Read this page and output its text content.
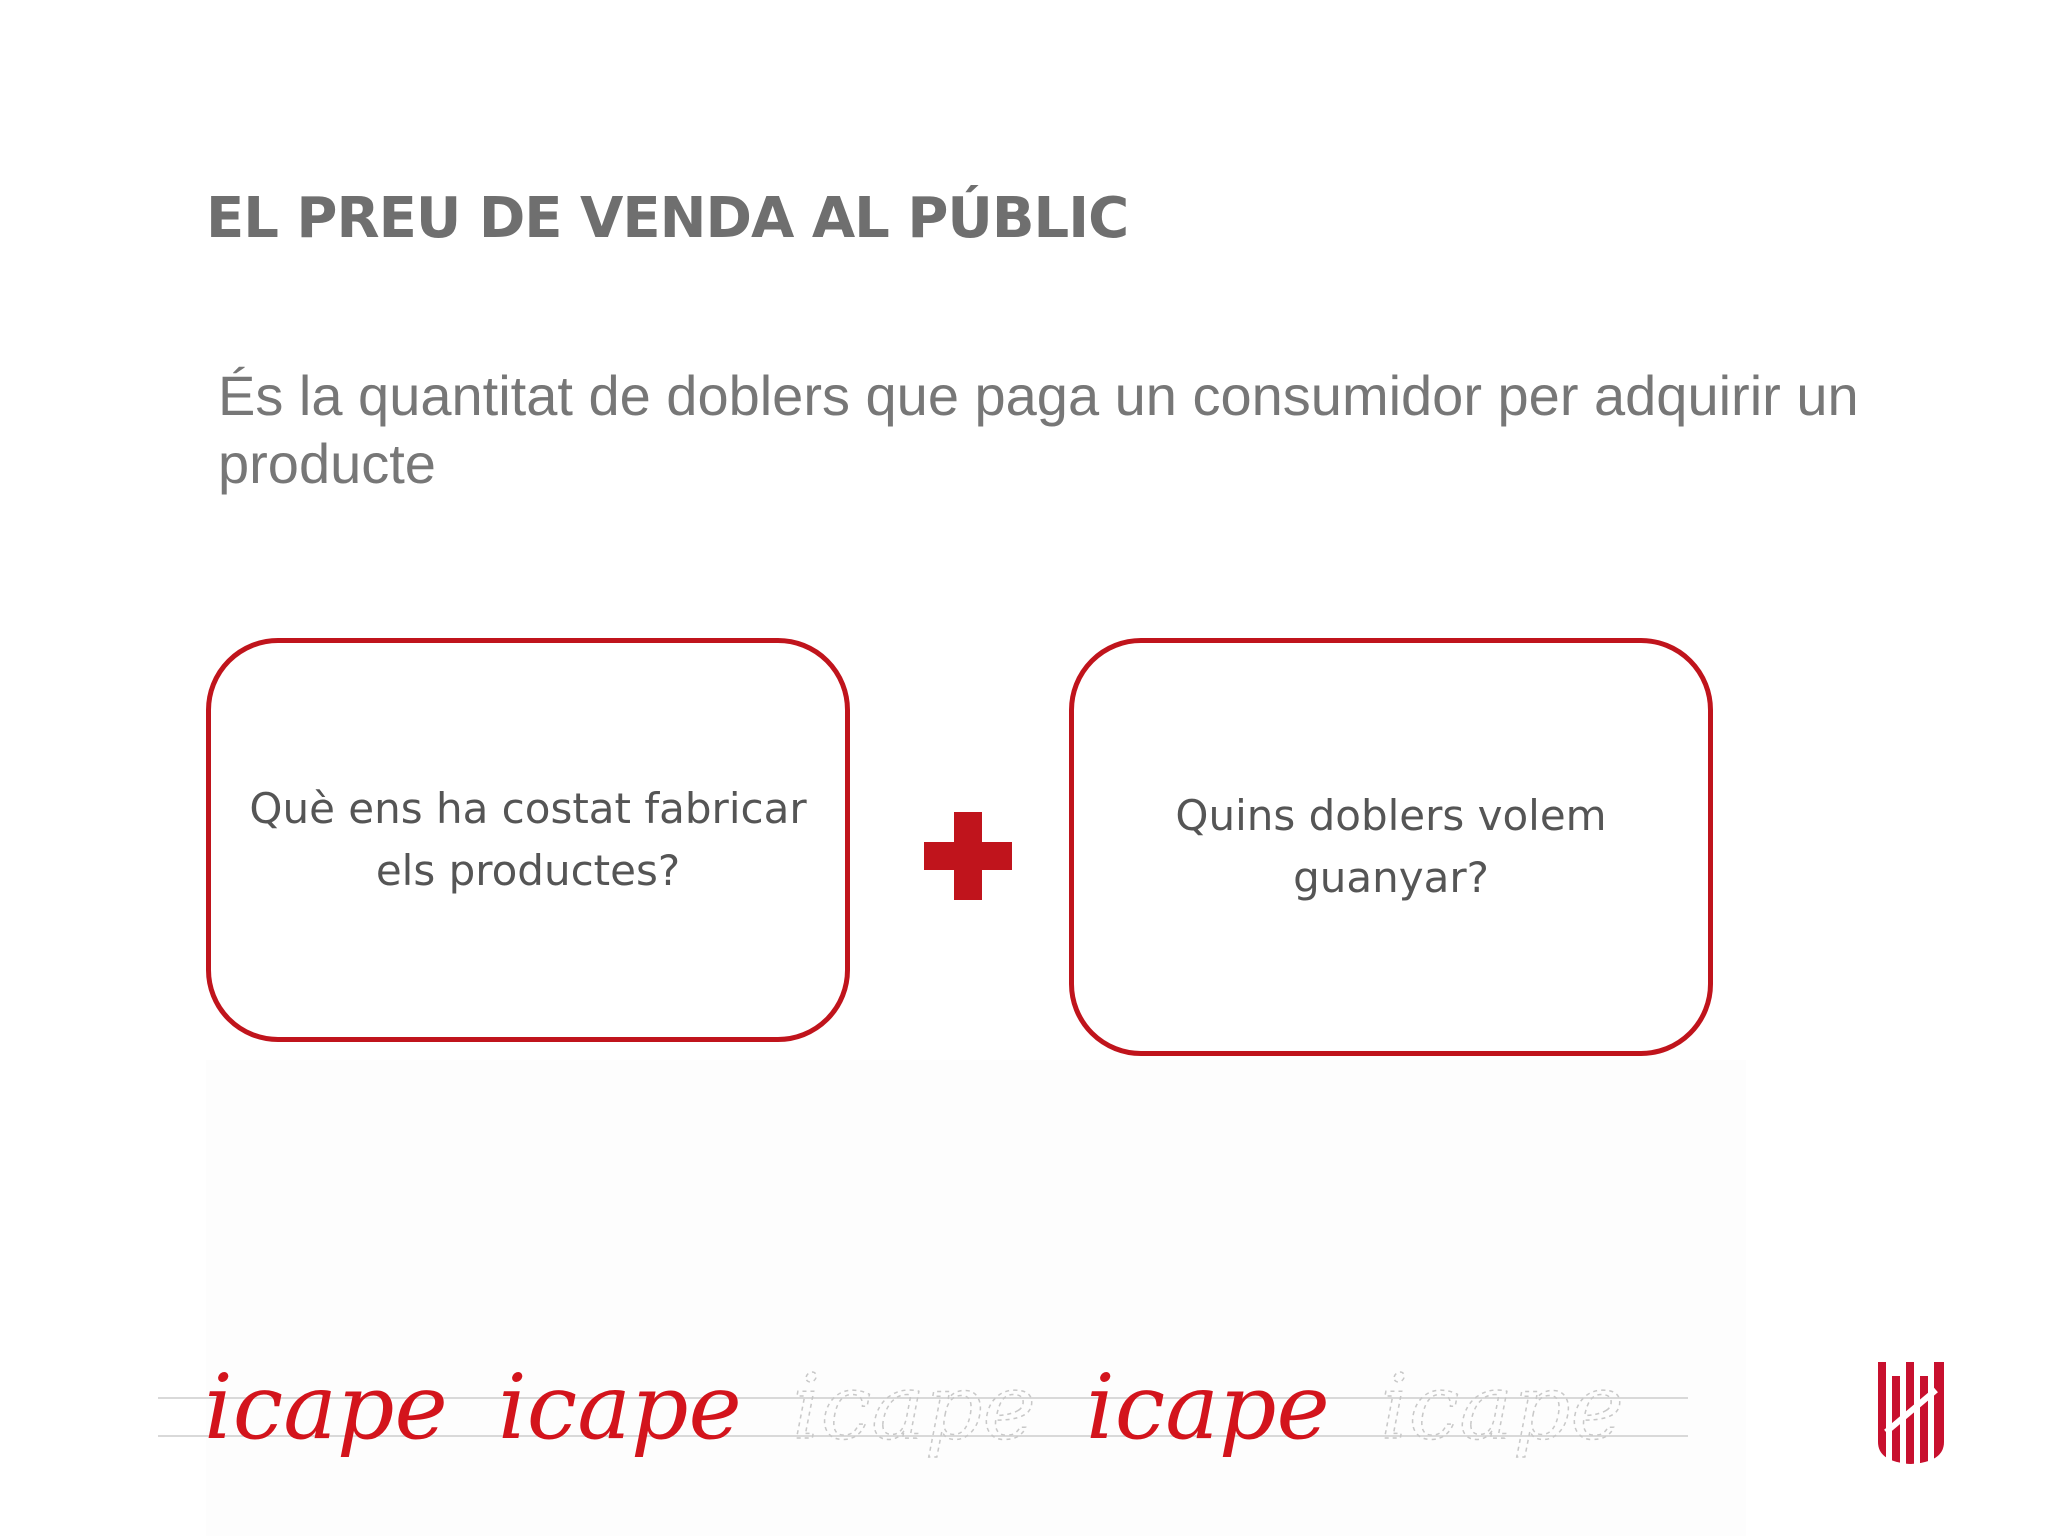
EL PREU DE VENDA AL PÚBLIC
És la quantitat de doblers que paga un consumidor per adquirir un producte
Què ens ha costat fabricar els productes?
Quins doblers volem guanyar?
icape icape icape icape icape
